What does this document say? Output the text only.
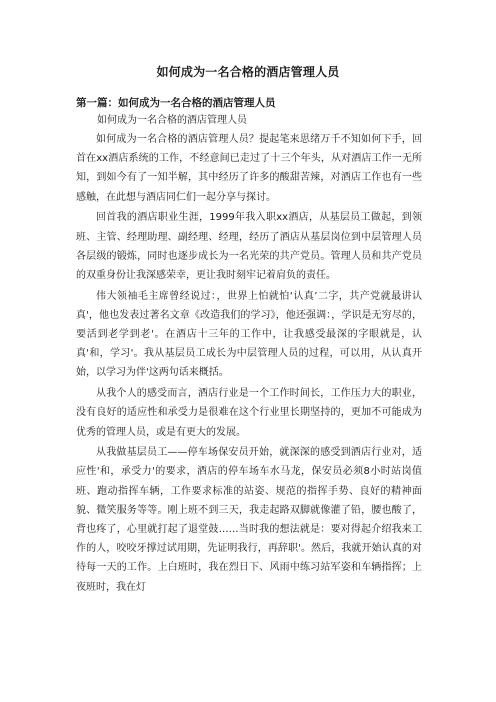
如何成为一名合格的酒店管理人员
第一篇：如何成为一名合格的酒店管理人员
如何成为一名合格的酒店管理人员

如何成为一名合格的酒店管理人员？提起笔来思绪万千不知如何下手，回首在xx酒店系统的工作，不经意间已走过了十三个年头，从对酒店工作一无所知，到如今有了一知半解，其中经历了许多的酸甜苦辣，对酒店工作也有一些感触，在此想与酒店同仁们一起分享与探讨。

回首我的酒店职业生涯，1999年我入职xx酒店，从基层员工做起，到领班、主管、经理助理、副经理、经理，经历了酒店从基层岗位到中层管理人员各层级的锻炼，同时也逐步成长为一名光荣的共产党员。管理人员和共产党员的双重身份让我深感荣幸，更让我时刻牢记着肩负的责任。

伟大领袖毛主席曾经说过：，世界上怕就怕‘认真’二字，共产党就最讲认真'，他也发表过著名文章《改造我们的学习》，他还强调：，学识是无穷尽的，要活到老学到老'。在酒店十三年的工作中，让我感受最深的字眼就是，认真'和，学习'。我从基层员工成长为中层管理人员的过程，可以用，从认真开始，以学习为伴'这两句话来概括。

从我个人的感受而言，酒店行业是一个工作时间长，工作压力大的职业，没有良好的适应性和承受力是很难在这个行业里长期坚持的，更加不可能成为优秀的管理人员，或是有更大的发展。

从我做基层员工——停车场保安员开始，就深深的感受到酒店行业对，适应性'和，承受力'的要求，酒店的停车场车水马龙，保安员必须8小时站岗值班、跑动指挥车辆，工作要求标准的站姿、规范的指挥手势、良好的精神面貌、微笑服务等等。刚上班不到三天，我走起路双脚就像灌了铅，腰也酸了，背也疼了，心里就打起了退堂鼓……当时我的想法就是：要对得起介绍我来工作的人，咬咬牙撑过试用期，先证明我行，再辞职'。然后，我就开始认真的对待每一天的工作。上白班时，我在烈日下、风雨中练习站军姿和车辆指挥；上夜班时，我在灯
